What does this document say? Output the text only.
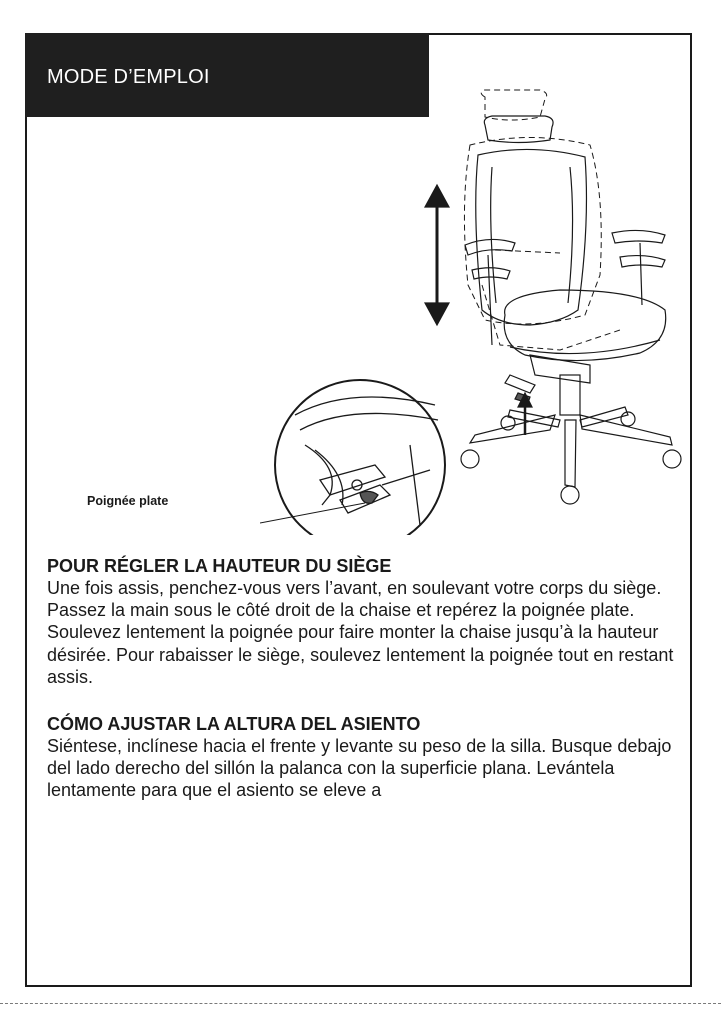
MODE D’EMPLOI
Poignée plate
POUR RÉGLER LA HAUTEUR DU SIÈGE

Une fois assis, penchez-vous vers l’avant, en soulevant votre corps du siège. Passez la main sous le côté droit de la chaise et repérez la poignée plate. Soulevez lentement la poignée pour faire monter la chaise jusqu’à la hauteur désirée. Pour rabaisser le siège, soulevez lentement la poignée tout en restant assis.

CÓMO AJUSTAR LA ALTURA DEL ASIENTO

Siéntese, inclínese hacia el frente y levante su peso de la silla. Busque debajo del lado derecho del sillón la palanca con la superficie plana. Levántela lentamente para que el asiento se eleve a
